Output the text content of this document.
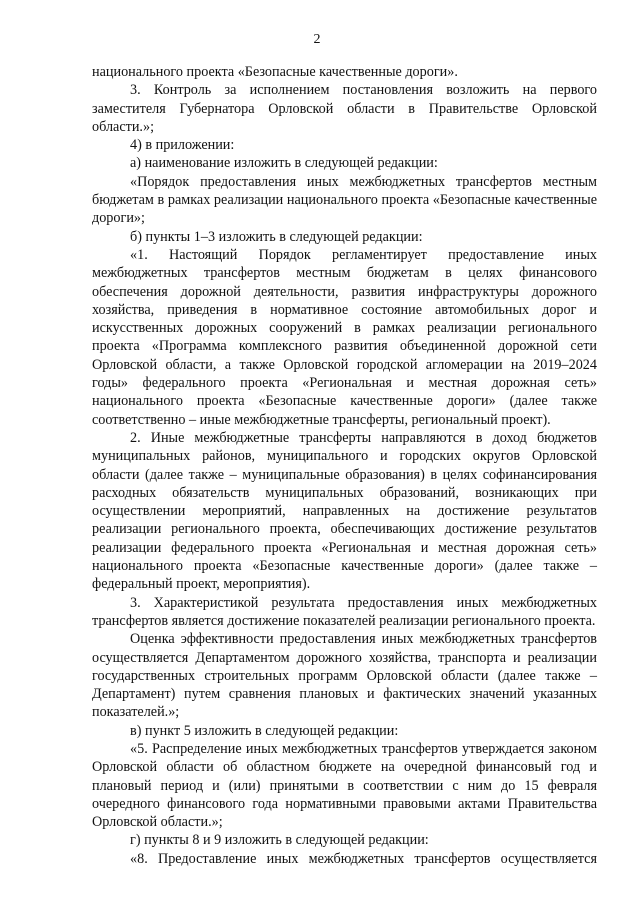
2

национального проекта «Безопасные качественные дороги».

3. Контроль за исполнением постановления возложить на первого заместителя Губернатора Орловской области в Правительстве Орловской области.»;

4) в приложении:

а) наименование изложить в следующей редакции:

«Порядок предоставления иных межбюджетных трансфертов местным бюджетам в рамках реализации национального проекта «Безопасные качественные дороги»;

б) пункты 1–3 изложить в следующей редакции:

«1. Настоящий Порядок регламентирует предоставление иных межбюджетных трансфертов местным бюджетам в целях финансового обеспечения дорожной деятельности, развития инфраструктуры дорожного хозяйства, приведения в нормативное состояние автомобильных дорог и искусственных дорожных сооружений в рамках реализации регионального проекта «Программа комплексного развития объединенной дорожной сети Орловской области, а также Орловской городской агломерации на 2019–2024 годы» федерального проекта «Региональная и местная дорожная сеть» национального проекта «Безопасные качественные дороги» (далее также соответственно – иные межбюджетные трансферты, региональный проект).

2. Иные межбюджетные трансферты направляются в доход бюджетов муниципальных районов, муниципального и городских округов Орловской области (далее также – муниципальные образования) в целях софинансирования расходных обязательств муниципальных образований, возникающих при осуществлении мероприятий, направленных на достижение результатов реализации регионального проекта, обеспечивающих достижение результатов реализации федерального проекта «Региональная и местная дорожная сеть» национального проекта «Безопасные качественные дороги» (далее также – федеральный проект, мероприятия).

3. Характеристикой результата предоставления иных межбюджетных трансфертов является достижение показателей реализации регионального проекта.

Оценка эффективности предоставления иных межбюджетных трансфертов осуществляется Департаментом дорожного хозяйства, транспорта и реализации государственных строительных программ Орловской области (далее также – Департамент) путем сравнения плановых и фактических значений указанных показателей.»;

в) пункт 5 изложить в следующей редакции:

«5. Распределение иных межбюджетных трансфертов утверждается законом Орловской области об областном бюджете на очередной финансовый год и плановый период и (или) принятыми в соответствии с ним до 15 февраля очередного финансового года нормативными правовыми актами Правительства Орловской области.»;

г) пункты 8 и 9 изложить в следующей редакции:

«8. Предоставление иных межбюджетных трансфертов осуществляется
